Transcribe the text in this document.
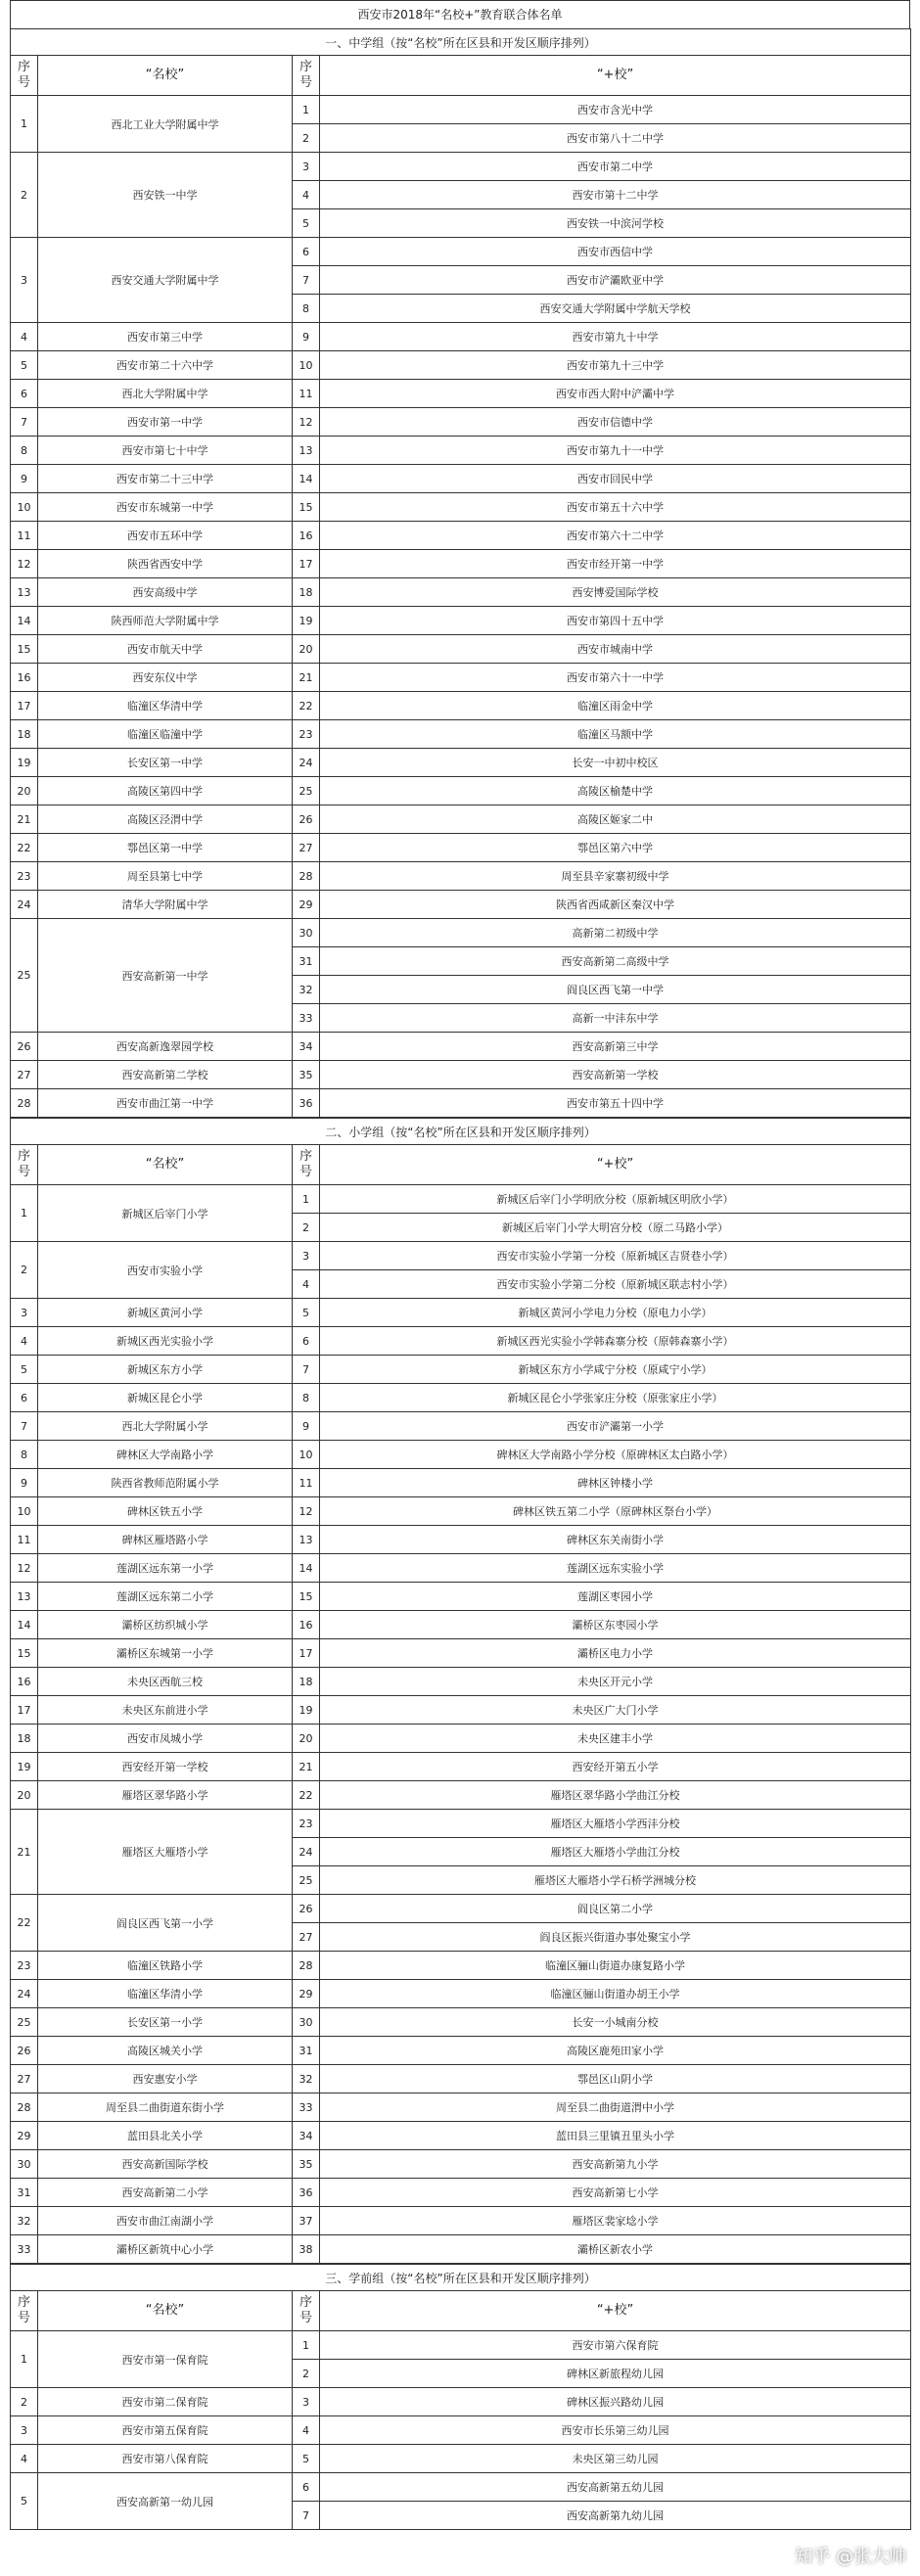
西安市2018年“名校+”教育联合体名单
一、中学组（按“名校”所在区县和开发区顺序排列）			
序号	“名校”	序号	“+校”
1	西北工业大学附属中学	1	西安市含光中学
		2	西安市第八十二中学
2	西安铁一中学	3	西安市第二中学
		4	西安市第十二中学
		5	西安铁一中滨河学校
3	西安交通大学附属中学	6	西安市西信中学
		7	西安市浐灞欧亚中学
		8	西安交通大学附属中学航天学校
4	西安市第三中学	9	西安市第九十中学
5	西安市第二十六中学	10	西安市第九十三中学
6	西北大学附属中学	11	西安市西大附中浐灞中学
7	西安市第一中学	12	西安市信德中学
8	西安市第七十中学	13	西安市第九十一中学
9	西安市第二十三中学	14	西安市回民中学
10	西安市东城第一中学	15	西安市第五十六中学
11	西安市五环中学	16	西安市第六十二中学
12	陕西省西安中学	17	西安市经开第一中学
13	西安高级中学	18	西安博爱国际学校
14	陕西师范大学附属中学	19	西安市第四十五中学
15	西安市航天中学	20	西安市城南中学
16	西安东仪中学	21	西安市第六十一中学
17	临潼区华清中学	22	临潼区雨金中学
18	临潼区临潼中学	23	临潼区马额中学
19	长安区第一中学	24	长安一中初中校区
20	高陵区第四中学	25	高陵区榆楚中学
21	高陵区泾渭中学	26	高陵区姬家二中
22	鄠邑区第一中学	27	鄠邑区第六中学
23	周至县第七中学	28	周至县辛家寨初级中学
24	清华大学附属中学	29	陕西省西咸新区秦汉中学
25	西安高新第一中学	30	高新第二初级中学
		31	西安高新第二高级中学
		32	阎良区西飞第一中学
		33	高新一中沣东中学
26	西安高新逸翠园学校	34	西安高新第三中学
27	西安高新第二学校	35	西安高新第一学校
28	西安市曲江第一中学	36	西安市第五十四中学
二、小学组（按“名校”所在区县和开发区顺序排列）			
序号	“名校”	序号	“+校”
1	新城区后宰门小学	1	新城区后宰门小学明欣分校（原新城区明欣小学）
		2	新城区后宰门小学大明宫分校（原二马路小学）
2	西安市实验小学	3	西安市实验小学第一分校（原新城区吉贤巷小学）
		4	西安市实验小学第二分校（原新城区联志村小学）
3	新城区黄河小学	5	新城区黄河小学电力分校（原电力小学）
4	新城区西光实验小学	6	新城区西光实验小学韩森寨分校（原韩森寨小学）
5	新城区东方小学	7	新城区东方小学咸宁分校（原咸宁小学）
6	新城区昆仑小学	8	新城区昆仑小学张家庄分校（原张家庄小学）
7	西北大学附属小学	9	西安市浐灞第一小学
8	碑林区大学南路小学	10	碑林区大学南路小学分校（原碑林区太白路小学）
9	陕西省教师范附属小学	11	碑林区钟楼小学
10	碑林区铁五小学	12	碑林区铁五第二小学（原碑林区祭台小学）
11	碑林区雁塔路小学	13	碑林区东关南街小学
12	莲湖区远东第一小学	14	莲湖区远东实验小学
13	莲湖区远东第二小学	15	莲湖区枣园小学
14	灞桥区纺织城小学	16	灞桥区东枣园小学
15	灞桥区东城第一小学	17	灞桥区电力小学
16	未央区西航三校	18	未央区开元小学
17	未央区东前进小学	19	未央区广大门小学
18	西安市凤城小学	20	未央区建丰小学
19	西安经开第一学校	21	西安经开第五小学
20	雁塔区翠华路小学	22	雁塔区翠华路小学曲江分校
21	雁塔区大雁塔小学	23	雁塔区大雁塔小学西沣分校
		24	雁塔区大雁塔小学曲江分校
		25	雁塔区大雁塔小学石桥学洲城分校
22	阎良区西飞第一小学	26	阎良区第二小学
		27	阎良区振兴街道办事处聚宝小学
23	临潼区铁路小学	28	临潼区骊山街道办康复路小学
24	临潼区华清小学	29	临潼区骊山街道办胡王小学
25	长安区第一小学	30	长安一小城南分校
26	高陵区城关小学	31	高陵区鹿苑田家小学
27	西安惠安小学	32	鄠邑区山阴小学
28	周至县二曲街道东街小学	33	周至县二曲街道渭中小学
29	蓝田县北关小学	34	蓝田县三里镇丑里头小学
30	西安高新国际学校	35	西安高新第九小学
31	西安高新第二小学	36	西安高新第七小学
32	西安市曲江南湖小学	37	雁塔区裴家埝小学
33	灞桥区新筑中心小学	38	灞桥区新农小学
三、学前组（按“名校”所在区县和开发区顺序排列）			
序号	“名校”	序号	“+校”
1	西安市第一保育院	1	西安市第六保育院
		2	碑林区新旅程幼儿园
2	西安市第二保育院	3	碑林区振兴路幼儿园
3	西安市第五保育院	4	西安市长乐第三幼儿园
4	西安市第八保育院	5	未央区第三幼儿园
5	西安高新第一幼儿园	6	西安高新第五幼儿园
		7	西安高新第九幼儿园
知乎 @张大帅
